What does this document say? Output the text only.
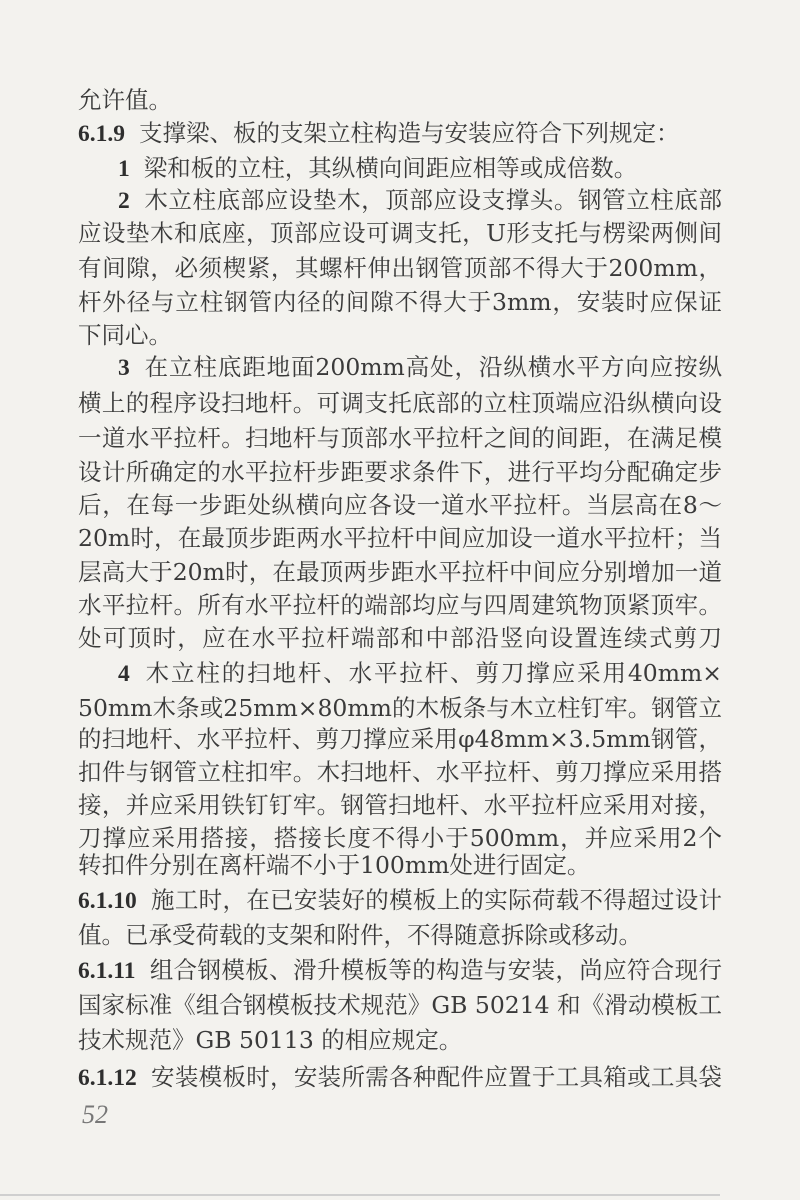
允许值。
6.1.9 支撑梁、板的支架立柱构造与安装应符合下列规定：
1 梁和板的立柱，其纵横向间距应相等或成倍数。
2 木立柱底部应设垫木，顶部应设支撑头。钢管立柱底部
应设垫木和底座，顶部应设可调支托，U形支托与楞梁两侧间
有间隙，必须楔紧，其螺杆伸出钢管顶部不得大于200mm，
杆外径与立柱钢管内径的间隙不得大于3mm，安装时应保证
下同心。
3 在立柱底距地面200mm高处，沿纵横水平方向应按纵
横上的程序设扫地杆。可调支托底部的立柱顶端应沿纵横向设
一道水平拉杆。扫地杆与顶部水平拉杆之间的间距，在满足模
设计所确定的水平拉杆步距要求条件下，进行平均分配确定步
后，在每一步距处纵横向应各设一道水平拉杆。当层高在8～
20m时，在最顶步距两水平拉杆中间应加设一道水平拉杆；当
层高大于20m时，在最顶两步距水平拉杆中间应分别增加一道
水平拉杆。所有水平拉杆的端部均应与四周建筑物顶紧顶牢。
处可顶时，应在水平拉杆端部和中部沿竖向设置连续式剪刀
4 木立柱的扫地杆、水平拉杆、剪刀撑应采用40mm×
50mm木条或25mm×80mm的木板条与木立柱钉牢。钢管立
的扫地杆、水平拉杆、剪刀撑应采用φ48mm×3.5mm钢管，
扣件与钢管立柱扣牢。木扫地杆、水平拉杆、剪刀撑应采用搭
接，并应采用铁钉钉牢。钢管扫地杆、水平拉杆应采用对接，
刀撑应采用搭接，搭接长度不得小于500mm，并应采用2个
转扣件分别在离杆端不小于100mm处进行固定。
6.1.10 施工时，在已安装好的模板上的实际荷载不得超过设计
值。已承受荷载的支架和附件，不得随意拆除或移动。
6.1.11 组合钢模板、滑升模板等的构造与安装，尚应符合现行
国家标准《组合钢模板技术规范》GB 50214 和《滑动模板工
技术规范》GB 50113 的相应规定。
6.1.12 安装模板时，安装所需各种配件应置于工具箱或工具袋
52
